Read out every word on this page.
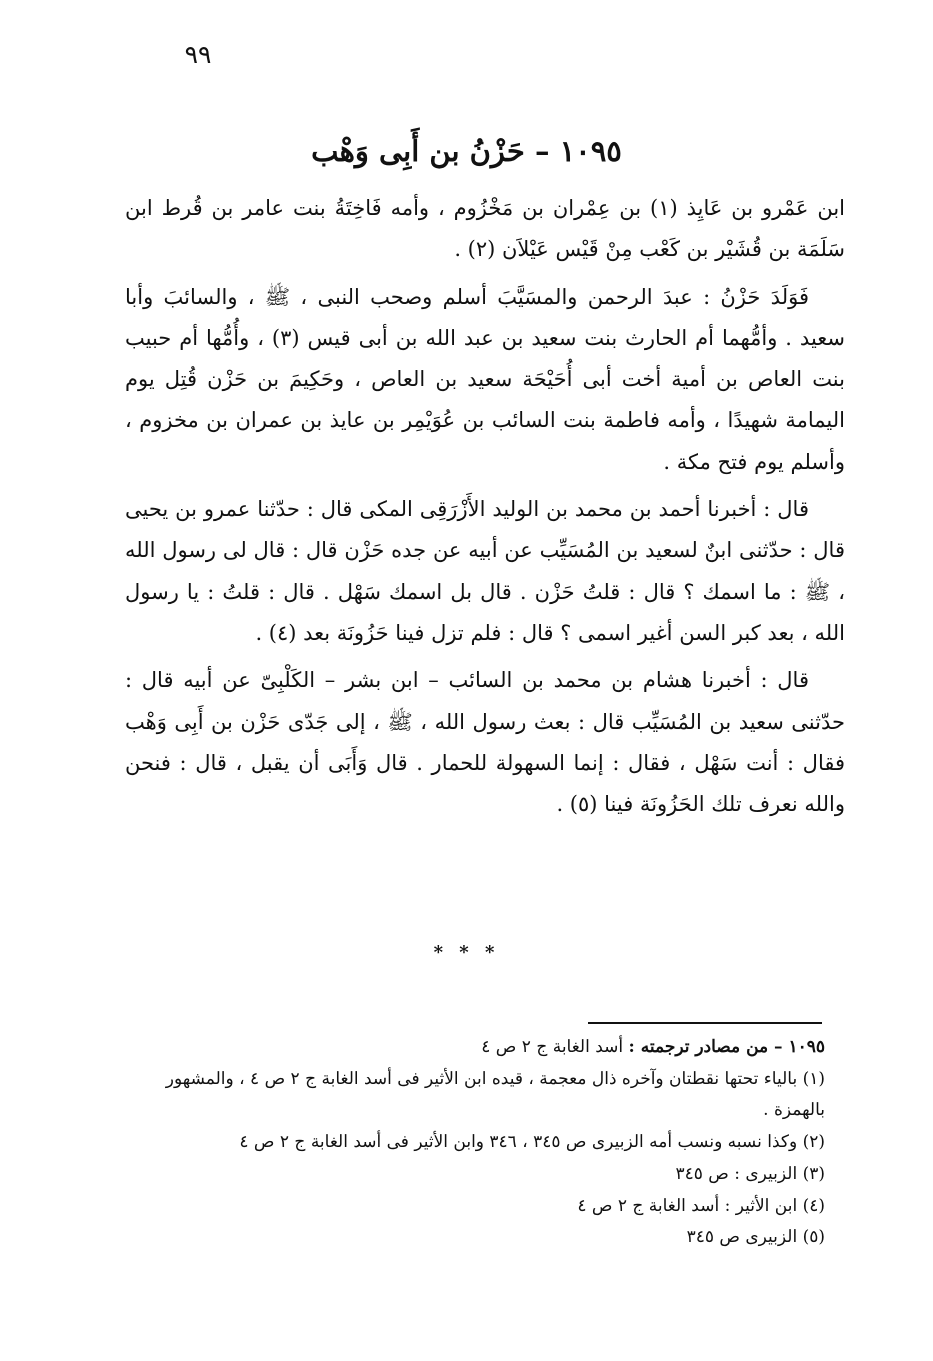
٩٩
١٠٩٥ – حَزْنُ بن أَبِى وَهْب

ابن عَمْرو بن عَايِذ (١) بن عِمْران بن مَخْزُوم ، وأمه فَاخِتَةُ بنت عامر بن قُرط ابن سَلَمَة بن قُشَيْر بن كَعْب مِنْ قَيْس عَيْلاَن (٢) .

فَوَلَدَ حَزْنُ : عبدَ الرحمن والمسَيَّبَ أسلم وصحب النبى ، ﷺ ، والسائبَ وأبا سعيد . وأمُّهما أم الحارث بنت سعيد بن عبد الله بن أبى قيس (٣) ، وأُمُّها أم حبيب بنت العاص بن أمية أخت أبى أُحَيْحَة سعيد بن العاص ، وحَكِيمَ بن حَزْن قُتِل يوم اليمامة شهيدًا ، وأمه فاطمة بنت السائب بن عُوَيْمِر بن عايذ بن عمران بن مخزوم ، وأسلم يوم فتح مكة .

قال : أخبرنا أحمد بن محمد بن الوليد الأَزْرَقِى المكى قال : حدّثنا عمرو بن يحيى قال : حدّثنى ابنٌ لسعيد بن المُسَيِّب عن أبيه عن جده حَزْن قال : قال لى رسول الله ، ﷺ : ما اسمك ؟ قال : قلتُ حَزْن . قال بل اسمك سَهْل . قال : قلتُ : يا رسول الله ، بعد كبر السن أغير اسمى ؟ قال : فلم تزل فينا حَزُونَة بعد (٤) .

قال : أخبرنا هشام بن محمد بن السائب – ابن بشر – الكَلْبِىّ عن أبيه قال : حدّثنى سعيد بن المُسَيِّب قال : بعث رسول الله ، ﷺ ، إلى جَدّى حَزْن بن أَبِى وَهْب فقال : أنت سَهْل ، فقال : إنما السهولة للحمار . قال وَأَبَى أن يقبل ، قال : فنحن والله نعرف تلك الحَزُونَة فينا (٥) .

* * *

١٠٩٥ – من مصادر ترجمته : أسد الغابة ج ٢ ص ٤

(١) بالياء تحتها نقطتان وآخره ذال معجمة ، قيده ابن الأثير فى أسد الغابة ج ٢ ص ٤ ، والمشهور بالهمزة .

(٢) وكذا نسبه ونسب أمه الزبيرى ص ٣٤٥ ، ٣٤٦ وابن الأثير فى أسد الغابة ج ٢ ص ٤

(٣) الزبيرى : ص ٣٤٥

(٤) ابن الأثير : أسد الغابة ج ٢ ص ٤

(٥) الزبيرى ص ٣٤٥
